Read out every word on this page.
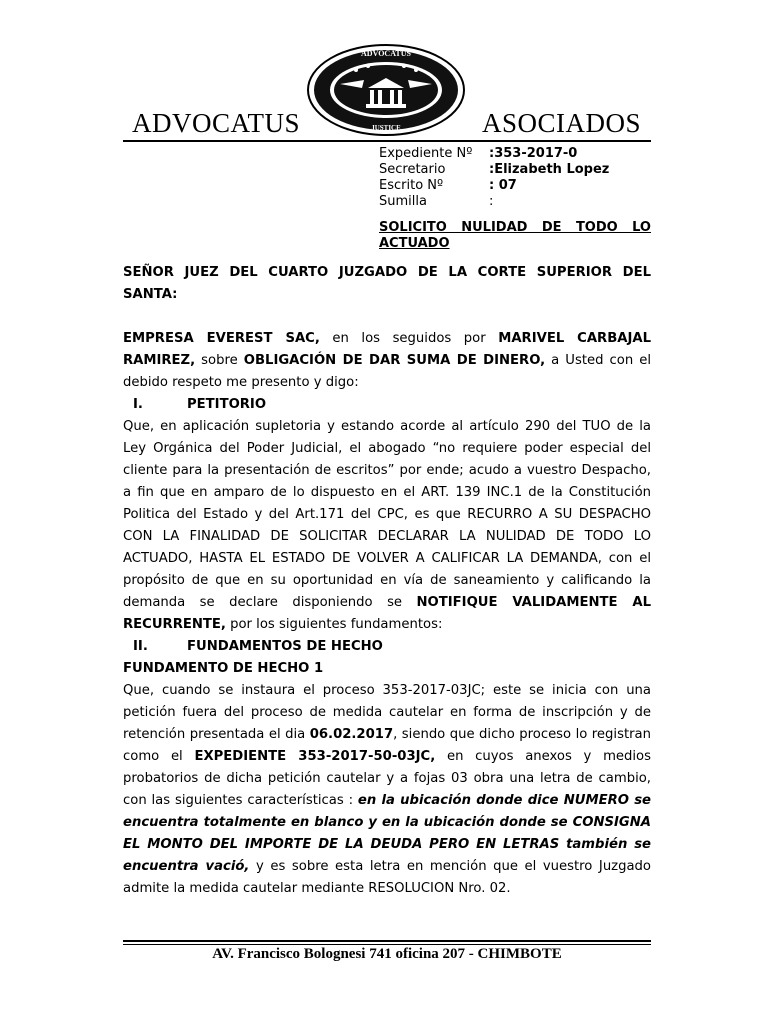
ADVOCATUS
JUSTICE
ADVOCATUS	ASOCIADOS
Expediente Nº	:353-2017-0
Secretario	:Elizabeth Lopez
Escrito Nº	: 07
Sumilla	:
SOLICITO NULIDAD DE TODO LO ACTUADO

SEÑOR JUEZ DEL CUARTO JUZGADO DE LA CORTE SUPERIOR DEL SANTA:

EMPRESA EVEREST SAC, en los seguidos por MARIVEL CARBAJAL RAMIREZ, sobre OBLIGACIÓN DE DAR SUMA DE DINERO, a Usted con el debido respeto me presento y digo:

I.	PETITORIO

Que, en aplicación supletoria y estando acorde al artículo 290 del TUO de la Ley Orgánica del Poder Judicial, el abogado “no requiere poder especial del cliente para la presentación de escritos” por ende; acudo a vuestro Despacho, a fin que en amparo de lo dispuesto en el ART. 139 INC.1 de la Constitución Politica del Estado y del Art.171 del CPC, es que RECURRO A SU DESPACHO CON LA FINALIDAD DE SOLICITAR DECLARAR LA NULIDAD DE TODO LO ACTUADO, HASTA EL ESTADO DE VOLVER A CALIFICAR LA DEMANDA, con el propósito de que en su oportunidad en vía de saneamiento y calificando la demanda se declare disponiendo se NOTIFIQUE VALIDAMENTE AL RECURRENTE, por los siguientes fundamentos:

II.	FUNDAMENTOS DE HECHO

FUNDAMENTO DE HECHO 1

Que, cuando se instaura el proceso 353-2017-03JC; este se inicia con una petición fuera del proceso de medida cautelar en forma de inscripción y de retención presentada el dia 06.02.2017, siendo que dicho proceso lo registran como el EXPEDIENTE 353-2017-50-03JC, en cuyos anexos y medios probatorios de dicha petición cautelar y a fojas 03 obra una letra de cambio, con las siguientes características : en la ubicación donde dice NUMERO se encuentra totalmente en blanco y en la ubicación donde se CONSIGNA EL MONTO DEL IMPORTE DE LA DEUDA PERO EN LETRAS también se encuentra vació, y es sobre esta letra en mención que el vuestro Juzgado admite la medida cautelar mediante RESOLUCION Nro. 02.

AV. Francisco Bolognesi 741 oficina 207 - CHIMBOTE
